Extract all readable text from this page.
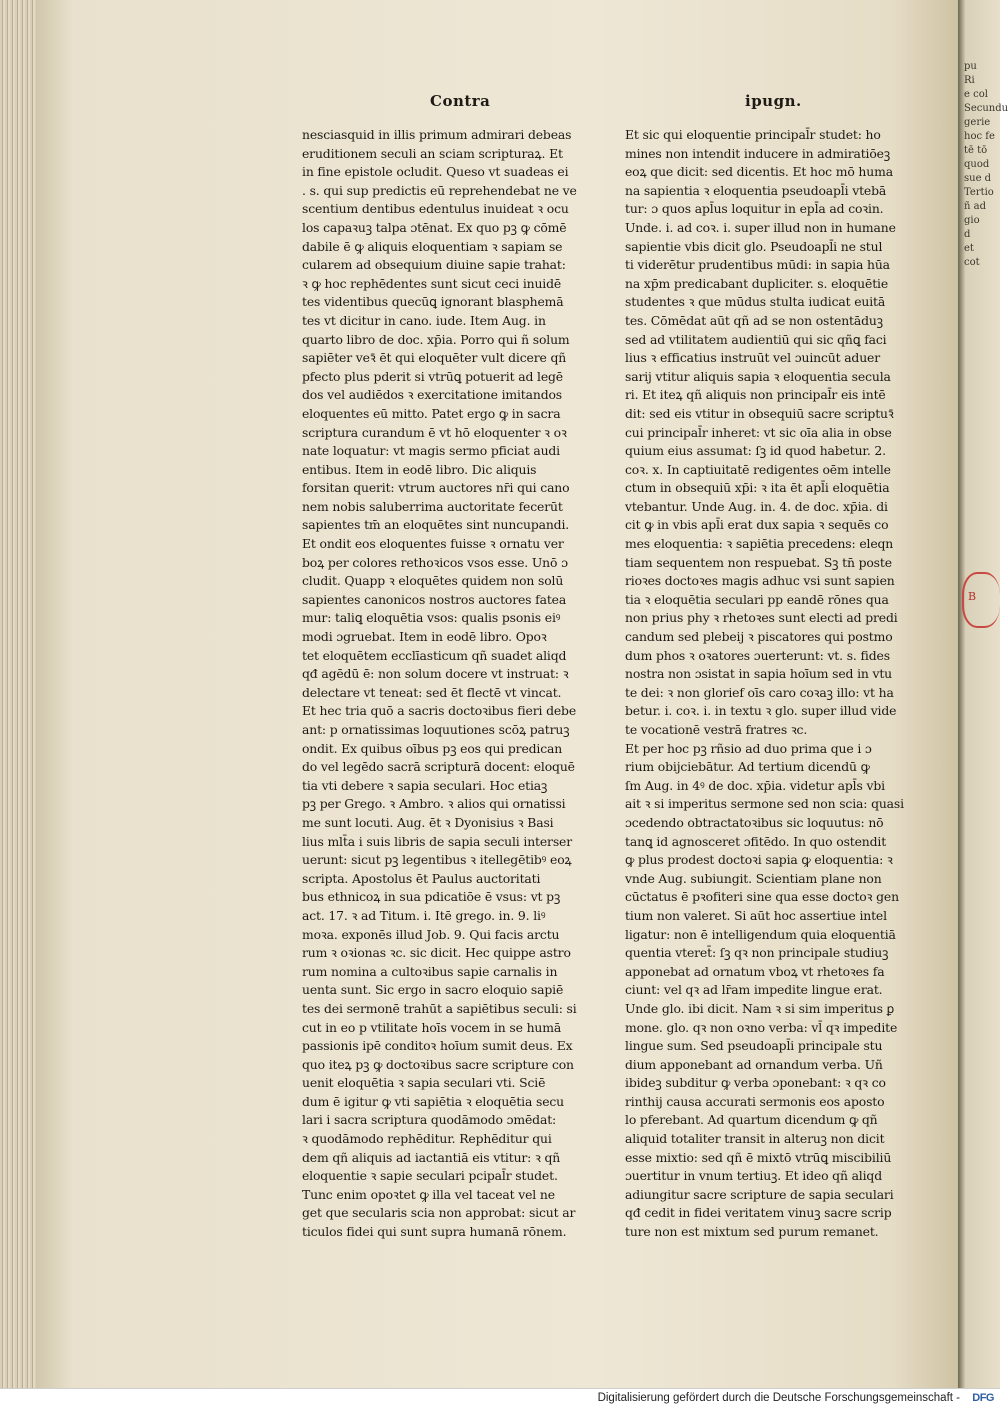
pu
Ri
e col
Secundu
gerie
hoc fe
tē tō
quod
sue d
Tertio
ñ ad
gio
d
et
cot
B
Contra	ipugn.
nesciasquid in illis primum admirari debeas
eruditionem seculi an sciam scripturaꝝ. Et
in fine epistole ocludit. Queso vt suadeas ei
. s. qui sup predictis eū reprehendebat ne ve
scentium dentibus edentulus inuideat ꝛ ocu
los capaꝛuꝫ talpa ɔtēnat. Ex quo pꝫ ꝙ cōmē
dabile ē ꝙ aliquis eloquentiam ꝛ sapiam se
cularem ad obsequium diuine sapie trahat:
ꝛ ꝙ hoc rephēdentes sunt sicut ceci inuidē
tes videntibus quecūꝗ ignorant blasphemā
tes vt dicitur in cano. iude. Item Aug. in
quarto libro de doc. xp̄ia. Porro qui ñ solum
sapiēter veꝛ̄ ēt qui eloquēter vult dicere qñ
pfecto plus pderit si vtrūꝗ potuerit ad legē
dos vel audiēdos ꝛ exercitatione imitandos
eloquentes eū mitto. Patet ergo ꝙ in sacra
scriptura curandum ē vt hō eloquenter ꝛ oꝛ
nate loquatur: vt magis sermo pficiat audi
entibus. Item in eodē libro. Dic aliquis
forsitan querit: vtrum auctores nr̄i qui cano
nem nobis saluberrima auctoritate fecerūt
sapientes tm̄ an eloquētes sint nuncupandi.
Et ondit eos eloquentes fuisse ꝛ ornatu ver
boꝝ per colores rethoꝛicos vsos esse. Unō ɔ
cludit. Quapp ꝛ eloquētes quidem non solū
sapientes canonicos nostros auctores fatea
mur: taliꝗ eloquētia vsos: qualis psonis eiꝰ
modi ɔgruebat. Item in eodē libro. Opoꝛ
tet eloquētem ecclīasticum qñ suadet aliqd
qđ agēdū ē: non solum docere vt instruat: ꝛ
delectare vt teneat: sed ēt flectē vt vincat.
Et hec tria quō a sacris doctoꝛibus fieri debe
ant: p ornatissimas loquutiones scōꝝ patruꝫ
ondit. Ex quibus oībus pꝫ eos qui predican
do vel legēdo sacrā scripturā docent: eloquē
tia vti debere ꝛ sapia seculari. Hoc etiaꝫ
pꝫ per Grego. ꝛ Ambro. ꝛ alios qui ornatissi
me sunt locuti. Aug. ēt ꝛ Dyonisius ꝛ Basi
lius mlt̄a i suis libris de sapia seculi interser
uerunt: sicut pꝫ legentibus ꝛ itellegētibꝰ eoꝝ
scripta. Apostolus ēt Paulus auctoritati
bus ethnicoꝝ in sua pdicatiōe ē vsus: vt pꝫ
act. 17. ꝛ ad Titum. i. Itē grego. in. 9. liꝰ
moꝛa. exponēs illud Job. 9. Qui facis arctu
rum ꝛ oꝛionas ꝛc. sic dicit. Hec quippe astro
rum nomina a cultoꝛibus sapie carnalis in
uenta sunt. Sic ergo in sacro eloquio sapiē
tes dei sermonē trahūt a sapiētibus seculi: si
cut in eo p vtilitate hoīs vocem in se humā
passionis ipē conditoꝛ hoīum sumit deus. Ex
quo iteꝝ pꝫ ꝙ doctoꝛibus sacre scripture con
uenit eloquētia ꝛ sapia seculari vti. Sciē
dum ē igitur ꝙ vti sapiētia ꝛ eloquētia secu
lari i sacra scriptura quodāmodo ɔmēdat:
ꝛ quodāmodo rephēditur. Rephēditur qui
dem qñ aliquis ad iactantiā eis vtitur: ꝛ qñ
eloquentie ꝛ sapie seculari pcipal̄r studet.
Tunc enim opoꝛtet ꝙ illa vel taceat vel ne
get que secularis scia non approbat: sicut ar
ticulos fidei qui sunt supra humanā rōnem.
Et sic qui eloquentie principal̄r studet: ho
mines non intendit inducere in admiratiōeꝫ
eoꝝ que dicit: sed dicentis. Et hoc mō huma
na sapientia ꝛ eloquentia pseudoapl̄i vtebā
tur: ɔ quos apl̄us loquitur in epl̄a ad coꝛin.
Unde. i. ad coꝛ. i. super illud non in humane
sapientie vbis dicit glo. Pseudoapl̄i ne stul
ti viderētur prudentibus mūdi: in sapia hūa
na xp̄m predicabant dupliciter. s. eloquētie
studentes ꝛ que mūdus stulta iudicat euitā
tes. Cōmēdat aūt qñ ad se non ostentāduꝫ
sed ad vtilitatem audientiū qui sic qñꝗ faci
lius ꝛ efficatius instruūt vel ɔuincūt aduer
sarij vtitur aliquis sapia ꝛ eloquentia secula
ri. Et iteꝝ qñ aliquis non principal̄r eis intē
dit: sed eis vtitur in obsequiū sacre scriptuꝛ̄
cui principal̄r inheret: vt sic oīa alia in obse
quium eius assumat: ſꝫ id quod habetur. 2.
coꝛ. x. In captiuitatē redigentes oēm intelle
ctum in obsequiū xp̄i: ꝛ ita ēt apl̄i eloquētia
vtebantur. Unde Aug. in. 4. de doc. xp̄ia. di
cit ꝙ in vbis apl̄i erat dux sapia ꝛ sequēs co
mes eloquentia: ꝛ sapiētia precedens: eleqn
tiam sequentem non respuebat. Sꝫ tn̄ poste
rioꝛes doctoꝛes magis adhuc vsi sunt sapien
tia ꝛ eloquētia seculari pp eandē rōnes qua
non prius phy ꝛ rhetoꝛes sunt electi ad predi
candum sed plebeij ꝛ piscatores qui postmo
dum phos ꝛ oꝛatores ɔuerterunt: vt. s. fides
nostra non ɔsistat in sapia hoīum sed in vtu
te dei: ꝛ non glorief oīs caro coꝛaꝫ illo: vt ha
betur. i. coꝛ. i. in textu ꝛ glo. super illud vide
te vocationē vestrā fratres ꝛc.
Et per hoc pꝫ rñsio ad duo prima que i ɔ
rium obijciebātur. Ad tertium dicendū ꝙ
ſm Aug. in 4ꝰ de doc. xp̄ia. videtur apl̄s vbi
ait ꝛ si imperitus sermone sed non scia: quasi
ɔcedendo obtractatoꝛibus sic loquutus: nō
tanꝗ id agnosceret ɔfitēdo. In quo ostendit
ꝙ plus prodest doctoꝛi sapia ꝙ eloquentia: ꝛ
vnde Aug. subiungit. Scientiam plane non
cūctatus ē pꝛofiteri sine qua esse doctoꝛ gen
tium non valeret. Si aūt hoc assertiue intel
ligatur: non ē intelligendum quia eloquentiā
quentia vteret̄: ſꝫ qꝛ non principale studiuꝫ
apponebat ad ornatum vboꝝ vt rhetoꝛes fa
ciunt: vel qꝛ ad lr̄am impedite lingue erat.
Unde glo. ibi dicit. Nam ꝛ si sim imperitus ꝑ
mone. glo. qꝛ non oꝛno verba: vl̄ qꝛ impedite
lingue sum. Sed pseudoapl̄i principale stu
dium apponebant ad ornandum verba. Uñ
ibideꝫ subditur ꝙ verba ɔponebant: ꝛ qꝛ co
rinthij causa accurati sermonis eos aposto
lo pferebant. Ad quartum dicendum ꝙ qñ
aliquid totaliter transit in alteruꝫ non dicit
esse mixtio: sed qñ ē mixtō vtrūꝗ miscibiliū
ɔuertitur in vnum tertiuꝫ. Et ideo qñ aliqd
adiungitur sacre scripture de sapia seculari
qđ cedit in fidei veritatem vinuꝫ sacre scrip
ture non est mixtum sed purum remanet.
Digitalisierung gefördert durch die Deutsche Forschungsgemeinschaft - DFG
